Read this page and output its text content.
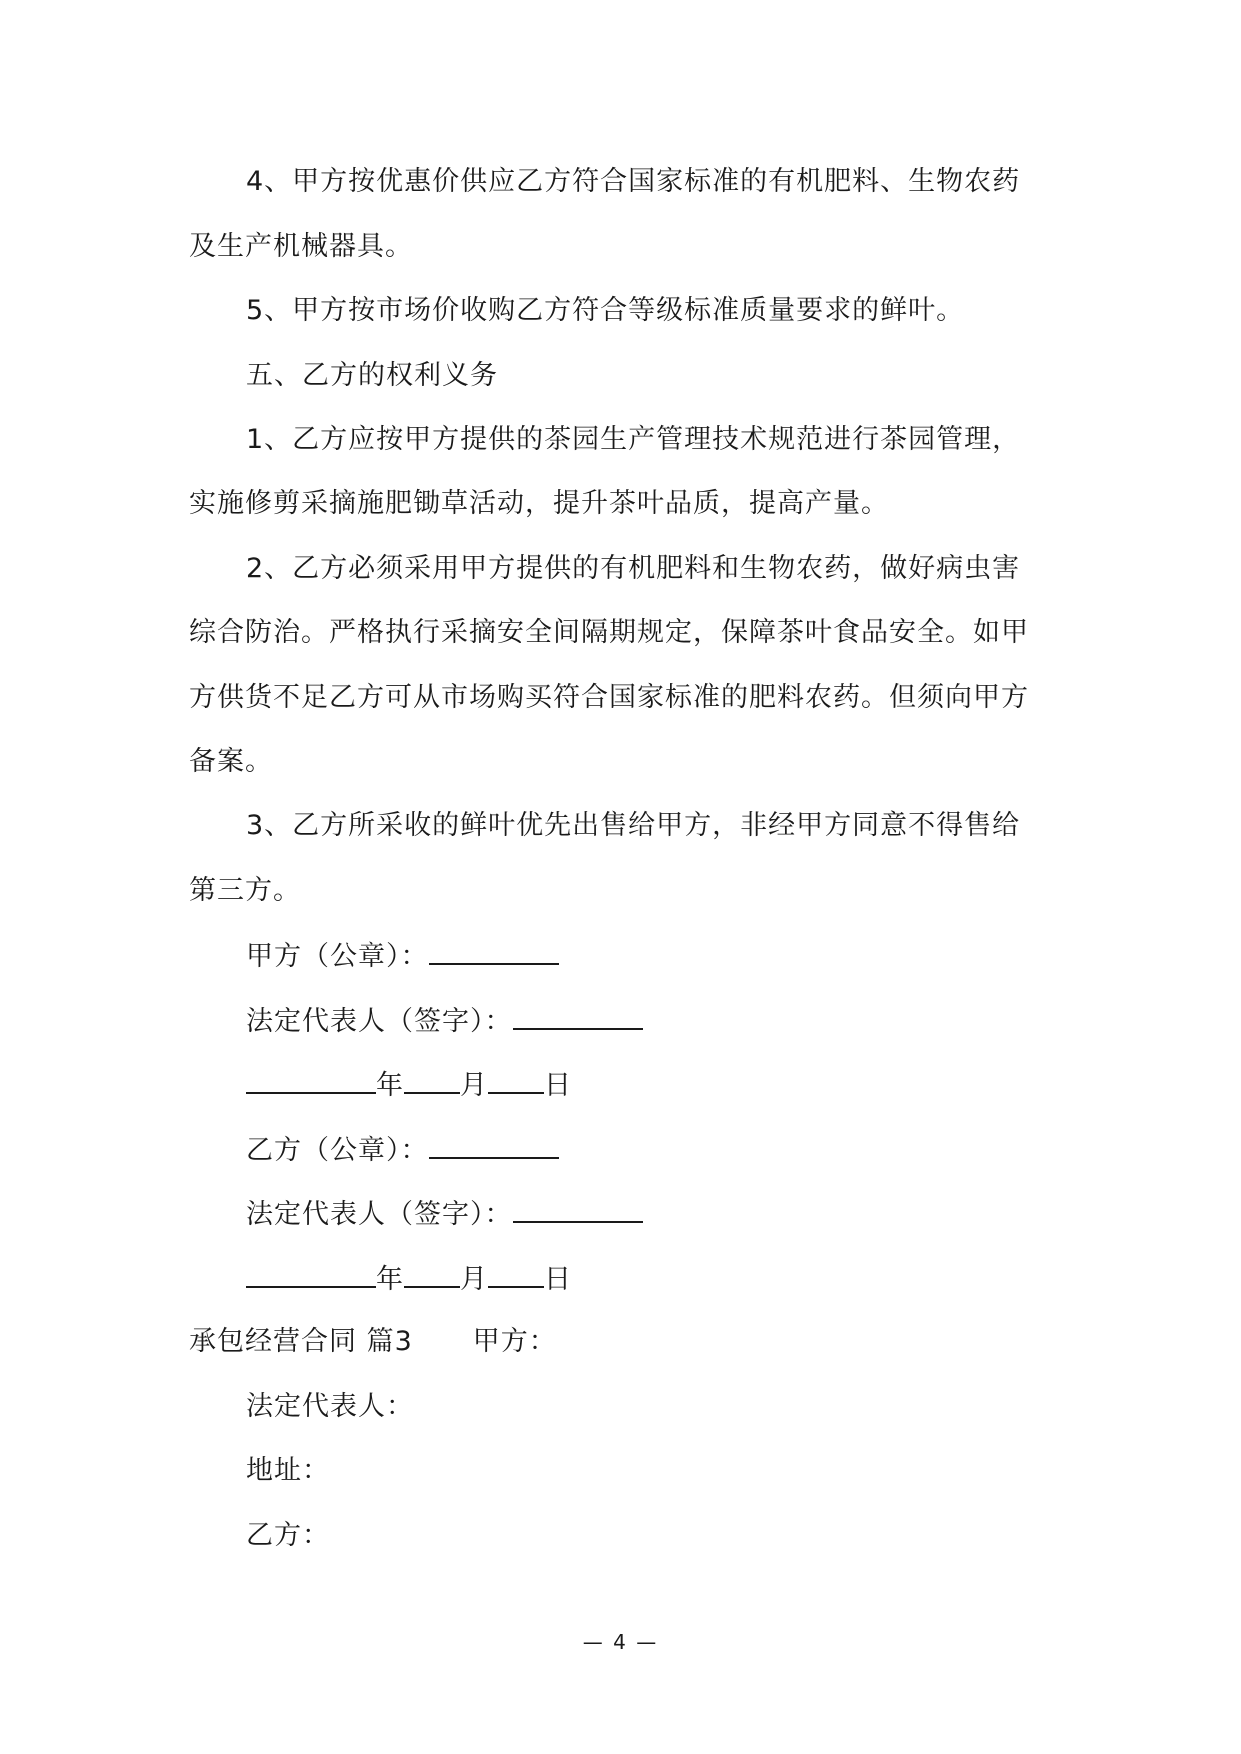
4、甲方按优惠价供应乙方符合国家标准的有机肥料、生物农药
及生产机械器具。
5、甲方按市场价收购乙方符合等级标准质量要求的鲜叶。
五、乙方的权利义务
1、乙方应按甲方提供的茶园生产管理技术规范进行茶园管理，
实施修剪采摘施肥锄草活动，提升茶叶品质，提高产量。
2、乙方必须采用甲方提供的有机肥料和生物农药，做好病虫害
综合防治。严格执行采摘安全间隔期规定，保障茶叶食品安全。如甲
方供货不足乙方可从市场购买符合国家标准的肥料农药。但须向甲方
备案。
3、乙方所采收的鲜叶优先出售给甲方，非经甲方同意不得售给
第三方。
甲方（公章）：
法定代表人（签字）：
年 月 日
乙方（公章）：
法定代表人（签字）：
年 月 日
承包经营合同 篇3 甲方：
法定代表人：
地址：
乙方：
— 4 —
